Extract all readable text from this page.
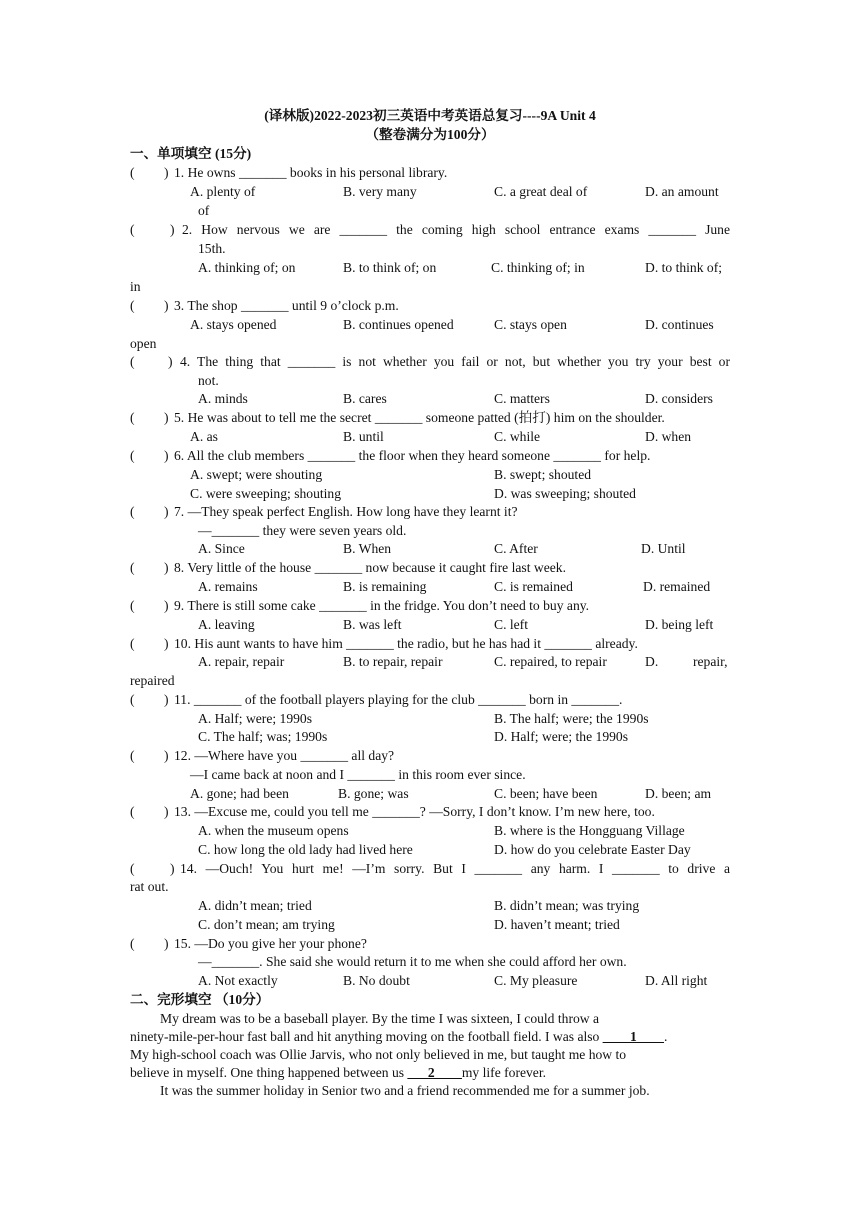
(译林版)2022-2023初三英语中考英语总复习----9A Unit 4
（整卷满分为100分）
一、单项填空 (15分)
( ) 1. He owns _______ books in his personal library.
A. plenty of	B. very many	C. a great deal of	D. an amount
of
(	) 2. How nervous we are _______ the coming high school entrance exams _______ June
15th.
A. thinking of; on	B. to think of; on	C. thinking of; in	D. to think of;
in
( ) 3. The shop _______ until 9 o’clock p.m.
A. stays opened	B. continues opened	C. stays open	D. continues
open
( ) 4. The thing that _______ is not whether you fail or not, but whether you try your best or
not.
A. minds	B. cares	C. matters	D. considers
( ) 5. He was about to tell me the secret _______ someone patted (拍打) him on the shoulder.
A. as	B. until	C. while	D. when
( ) 6. All the club members _______ the floor when they heard someone _______ for help.
A. swept; were shouting	B. swept; shouted
C. were sweeping; shouting	D. was sweeping; shouted
( ) 7. —They speak perfect English. How long have they learnt it?
—_______ they were seven years old.
A. Since	B. When	C. After	D. Until
( ) 8. Very little of the house _______ now because it caught fire last week.
A. remains	B. is remaining	C. is remained	D. remained
( ) 9. There is still some cake _______ in the fridge. You don’t need to buy any.
A. leaving	B. was left	C. left	D. being left
( ) 10. His aunt wants to have him _______ the radio, but he has had it _______ already.
A. repair, repair	B. to repair, repair	C. repaired, to repair	D.	repair,
repaired
( ) 11. _______ of the football players playing for the club _______ born in _______.
A. Half; were; 1990s	B. The half; were; the 1990s
C. The half; was; 1990s	D. Half; were; the 1990s
( ) 12. —Where have you _______ all day?
—I came back at noon and I _______ in this room ever since.
A. gone; had been	B. gone; was	C. been; have been	D. been; am
( ) 13. —Excuse me, could you tell me _______? —Sorry, I don’t know. I’m new here, too.
A. when the museum opens	B. where is the Hongguang Village
C. how long the old lady had lived here	D. how do you celebrate Easter Day
(	) 14. —Ouch! You hurt me! —I’m sorry. But I _______ any harm. I _______ to drive a
rat out.
A. didn’t mean; tried	B. didn’t mean; was trying
C. don’t mean; am trying	D. haven’t meant; tried
( ) 15. —Do you give her your phone?
—_______. She said she would return it to me when she could afford her own.
A. Not exactly	B. No doubt	C. My pleasure	D. All right
二、完形填空 （10分）
My dream was to be a baseball player. By the time I was sixteen, I could throw a
ninety-mile-per-hour fast ball and hit anything moving on the football field. I was also ____1____.
My high-school coach was Ollie Jarvis, who not only believed in me, but taught me how to
believe in myself. One thing happened between us ___2____my life forever.
It was the summer holiday in Senior two and a friend recommended me for a summer job.
